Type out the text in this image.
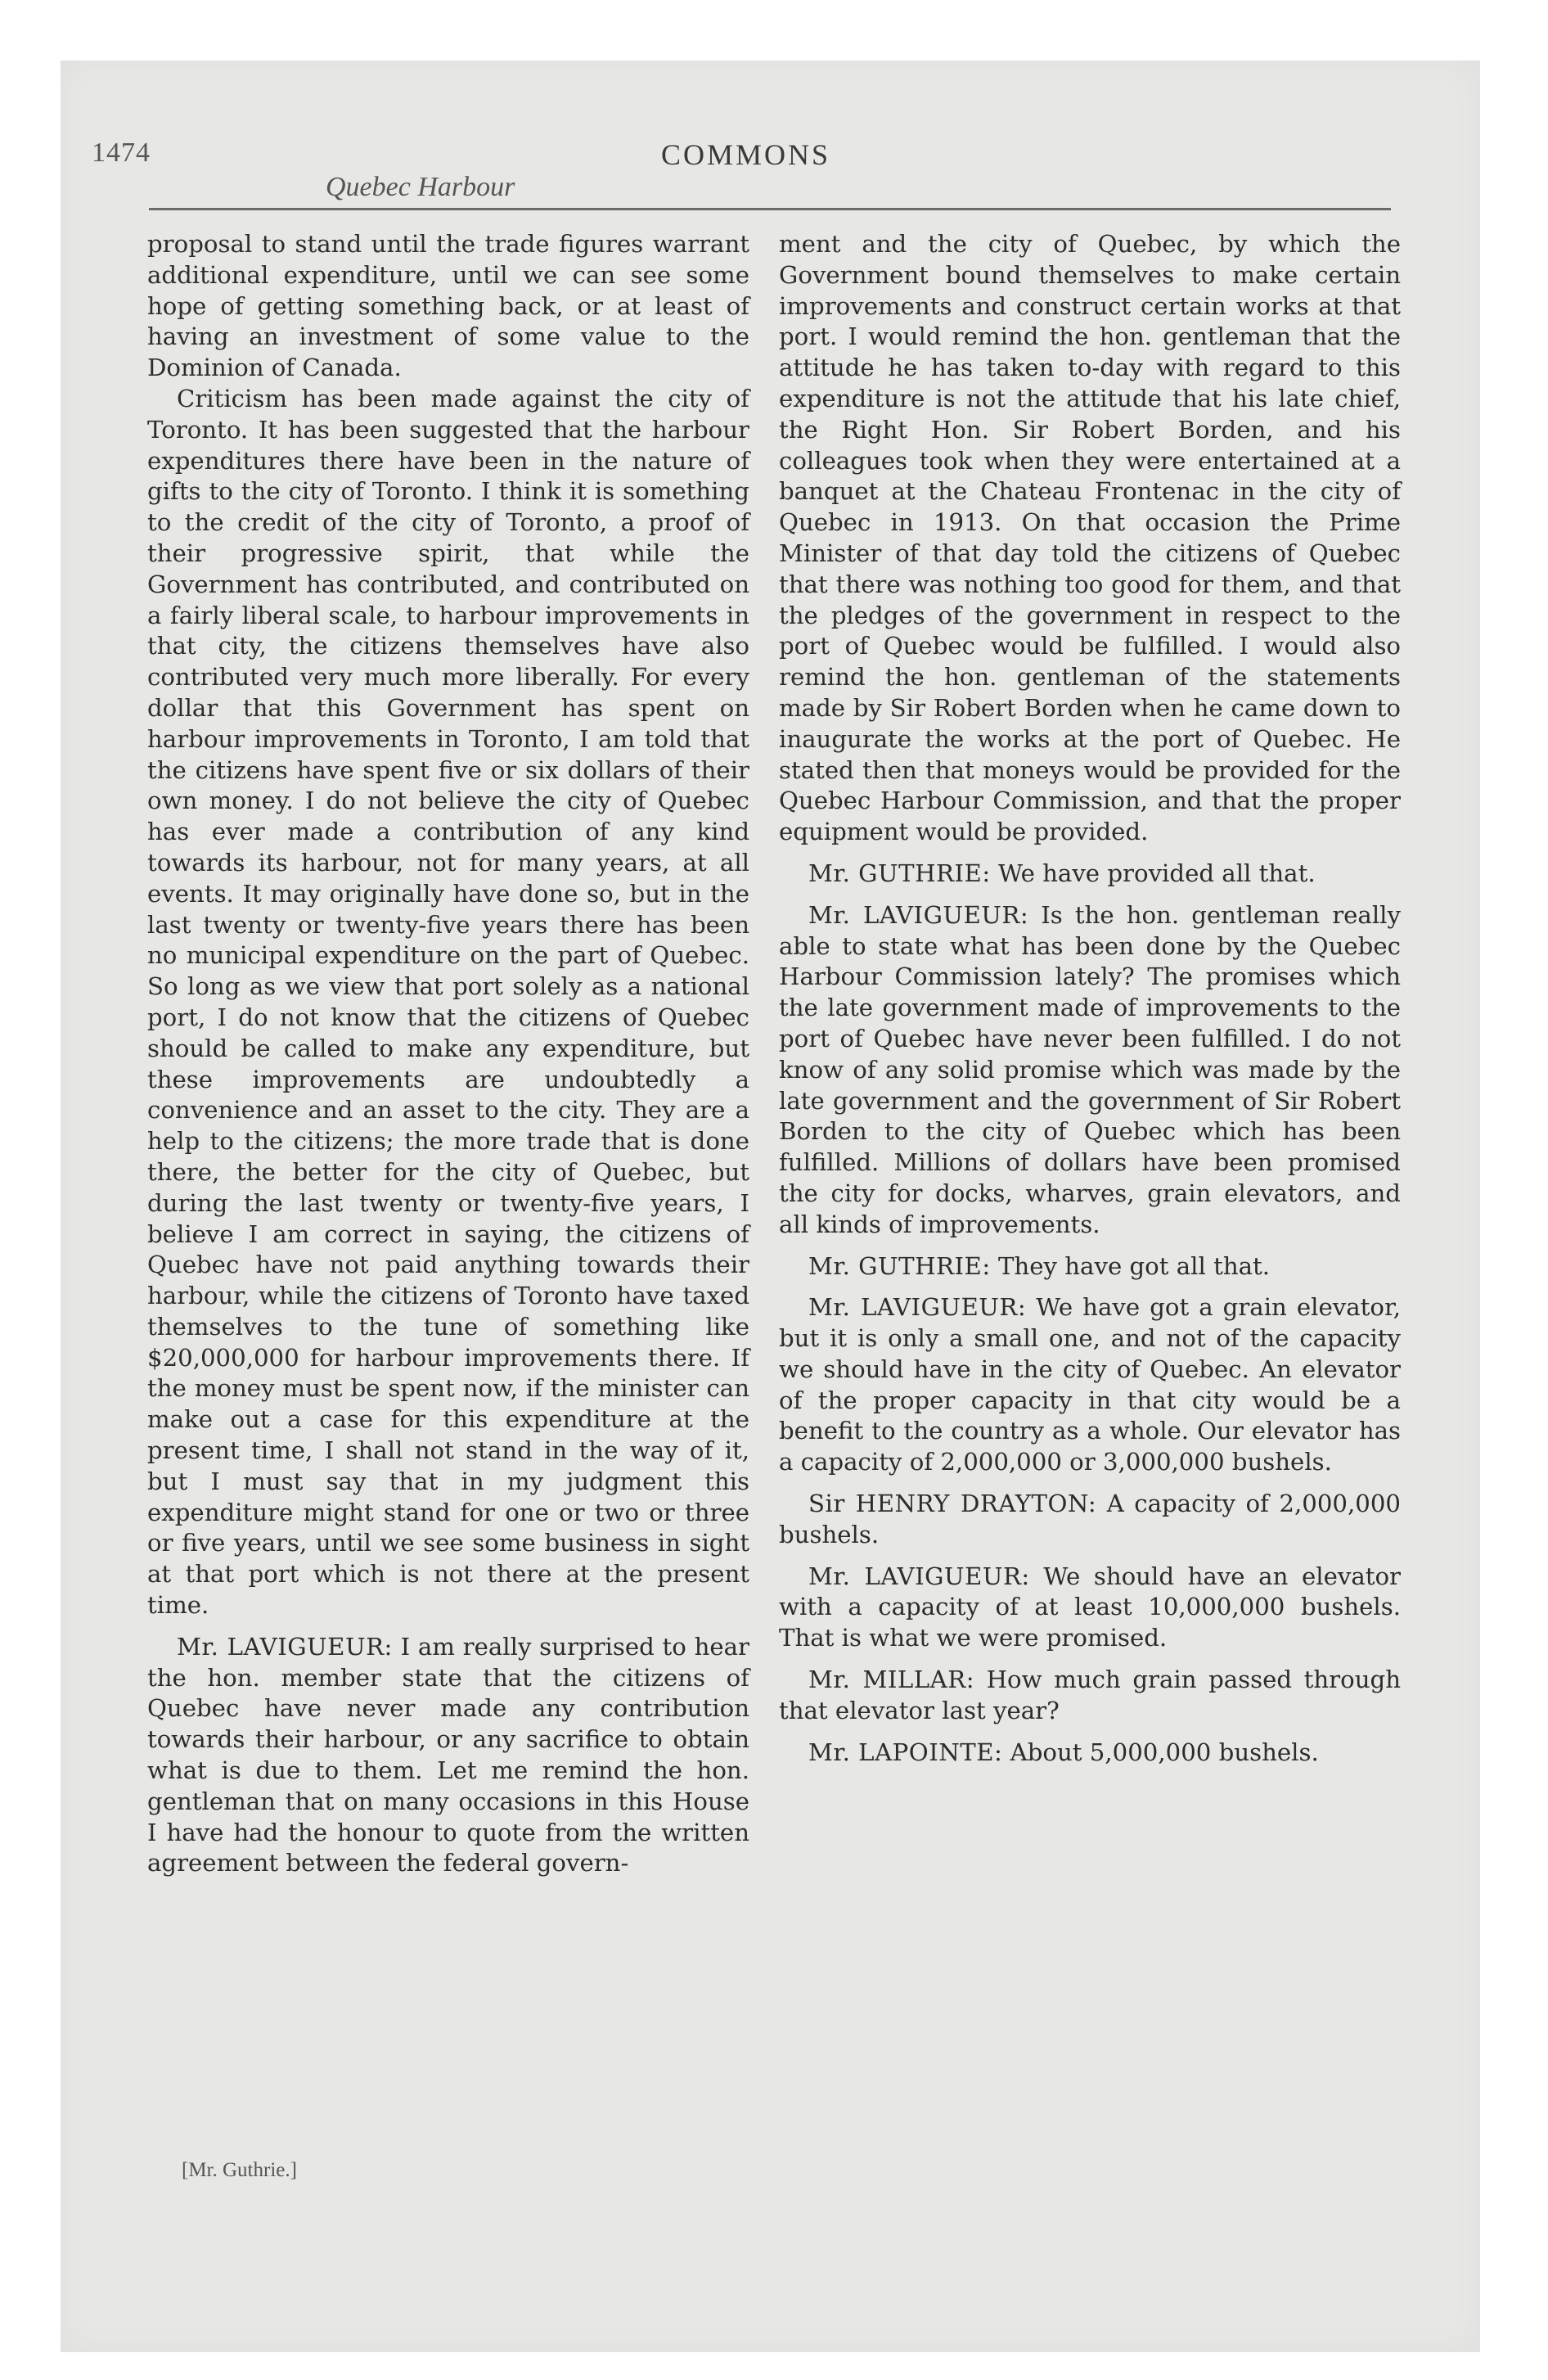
1474	COMMONS
Quebec Harbour

proposal to stand until the trade figures warrant additional expenditure, until we can see some hope of getting something back, or at least of having an investment of some value to the Dominion of Canada.

Criticism has been made against the city of Toronto. It has been suggested that the harbour expenditures there have been in the nature of gifts to the city of Toronto. I think it is something to the credit of the city of Toronto, a proof of their progressive spirit, that while the Government has contributed, and contributed on a fairly liberal scale, to harbour improvements in that city, the citizens themselves have also contributed very much more liberally. For every dollar that this Government has spent on harbour improvements in Toronto, I am told that the citizens have spent five or six dollars of their own money. I do not believe the city of Quebec has ever made a contribution of any kind towards its harbour, not for many years, at all events. It may originally have done so, but in the last twenty or twenty-five years there has been no municipal expenditure on the part of Quebec. So long as we view that port solely as a national port, I do not know that the citizens of Quebec should be called to make any expenditure, but these improvements are undoubtedly a convenience and an asset to the city. They are a help to the citizens; the more trade that is done there, the better for the city of Quebec, but during the last twenty or twenty-five years, I believe I am correct in saying, the citizens of Quebec have not paid anything towards their harbour, while the citizens of Toronto have taxed themselves to the tune of something like $20,000,000 for harbour improvements there. If the money must be spent now, if the minister can make out a case for this expenditure at the present time, I shall not stand in the way of it, but I must say that in my judgment this expenditure might stand for one or two or three or five years, until we see some business in sight at that port which is not there at the present time.

Mr. LAVIGUEUR: I am really surprised to hear the hon. member state that the citizens of Quebec have never made any contribution towards their harbour, or any sacrifice to obtain what is due to them. Let me remind the hon. gentleman that on many occasions in this House I have had the honour to quote from the written agreement between the federal govern-

ment and the city of Quebec, by which the Government bound themselves to make certain improvements and construct certain works at that port. I would remind the hon. gentleman that the attitude he has taken to-day with regard to this expenditure is not the attitude that his late chief, the Right Hon. Sir Robert Borden, and his colleagues took when they were entertained at a banquet at the Chateau Frontenac in the city of Quebec in 1913. On that occasion the Prime Minister of that day told the citizens of Quebec that there was nothing too good for them, and that the pledges of the government in respect to the port of Quebec would be fulfilled. I would also remind the hon. gentleman of the statements made by Sir Robert Borden when he came down to inaugurate the works at the port of Quebec. He stated then that moneys would be provided for the Quebec Harbour Commission, and that the proper equipment would be provided.

Mr. GUTHRIE: We have provided all that.

Mr. LAVIGUEUR: Is the hon. gentleman really able to state what has been done by the Quebec Harbour Commission lately? The promises which the late government made of improvements to the port of Quebec have never been fulfilled. I do not know of any solid promise which was made by the late government and the government of Sir Robert Borden to the city of Quebec which has been fulfilled. Millions of dollars have been promised the city for docks, wharves, grain elevators, and all kinds of improvements.

Mr. GUTHRIE: They have got all that.

Mr. LAVIGUEUR: We have got a grain elevator, but it is only a small one, and not of the capacity we should have in the city of Quebec. An elevator of the proper capacity in that city would be a benefit to the country as a whole. Our elevator has a capacity of 2,000,000 or 3,000,000 bushels.

Sir HENRY DRAYTON: A capacity of 2,000,000 bushels.

Mr. LAVIGUEUR: We should have an elevator with a capacity of at least 10,000,000 bushels. That is what we were promised.

Mr. MILLAR: How much grain passed through that elevator last year?

Mr. LAPOINTE: About 5,000,000 bushels.

[Mr. Guthrie.]
